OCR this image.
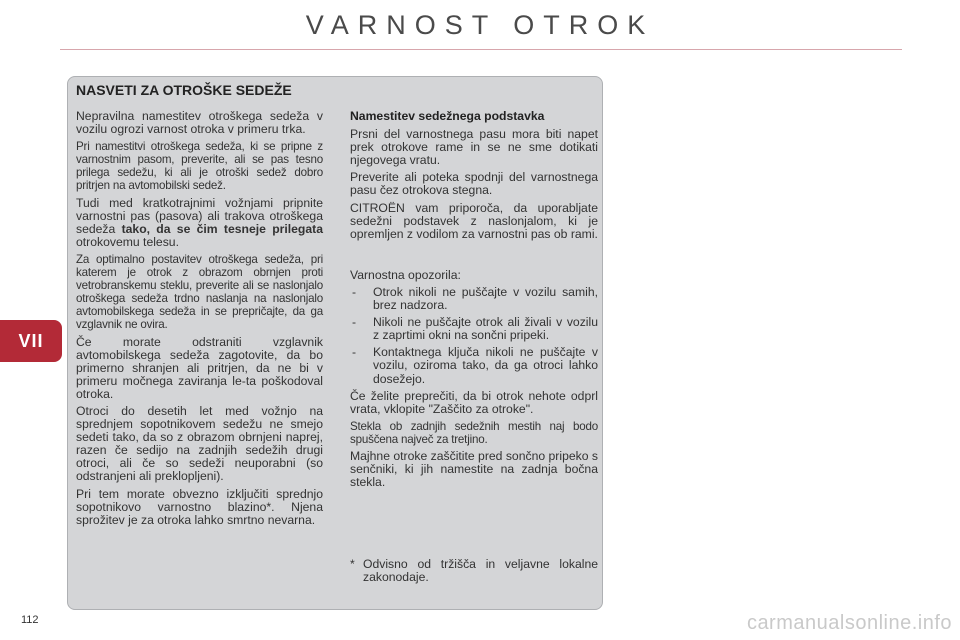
VARNOST OTROK
VII
NASVETI ZA OTROŠKE SEDEŽE

Nepravilna namestitev otroškega sedeža v vozilu ogrozi varnost otroka v primeru trka.

Pri namestitvi otroškega sedeža, ki se pripne z varnostnim pasom, preverite, ali se pas tesno prilega sedežu, ki ali je otroški sedež dobro pritrjen na avtomobilski sedež.

Tudi med kratkotrajnimi vožnjami pripnite varnostni pas (pasova) ali trakova otroškega sedeža tako, da se čim tesneje prilegata otrokovemu telesu.

Za optimalno postavitev otroškega sedeža, pri katerem je otrok z obrazom obrnjen proti vetrobranskemu steklu, preverite ali se naslonjalo otroškega sedeža trdno naslanja na naslonjalo avtomobilskega sedeža in se prepričajte, da ga vzglavnik ne ovira.

Če morate odstraniti vzglavnik avtomobilskega sedeža zagotovite, da bo primerno shranjen ali pritrjen, da ne bi v primeru močnega zaviranja le-ta poškodoval otroka.

Otroci do desetih let med vožnjo na sprednjem sopotnikovem sedežu ne smejo sedeti tako, da so z obrazom obrnjeni naprej, razen če sedijo na zadnjih sedežih drugi otroci, ali če so sedeži neuporabni (so odstranjeni ali preklopljeni).

Pri tem morate obvezno izključiti sprednjo sopotnikovo varnostno blazino*. Njena sprožitev je za otroka lahko smrtno nevarna.

Namestitev sedežnega podstavka

Prsni del varnostnega pasu mora biti napet prek otrokove rame in se ne sme dotikati njegovega vratu.

Preverite ali poteka spodnji del varnostnega pasu čez otrokova stegna.

CITROËN vam priporoča, da uporabljate sedežni podstavek z naslonjalom, ki je opremljen z vodilom za varnostni pas ob rami.

Varnostna opozorila:

- Otrok nikoli ne puščajte v vozilu samih, brez nadzora.
- Nikoli ne puščajte otrok ali živali v vozilu z zaprtimi okni na sončni pripeki.
- Kontaktnega ključa nikoli ne puščajte v vozilu, oziroma tako, da ga otroci lahko dosežejo.

Če želite preprečiti, da bi otrok nehote odprl vrata, vklopite "Zaščito za otroke".

Stekla ob zadnjih sedežnih mestih naj bodo spuščena največ za tretjino.

Majhne otroke zaščitite pred sončno pripeko s senčniki, ki jih namestite na zadnja bočna stekla.

* Odvisno od tržišča in veljavne lokalne zakonodaje.
112	carmanualsonline.info
